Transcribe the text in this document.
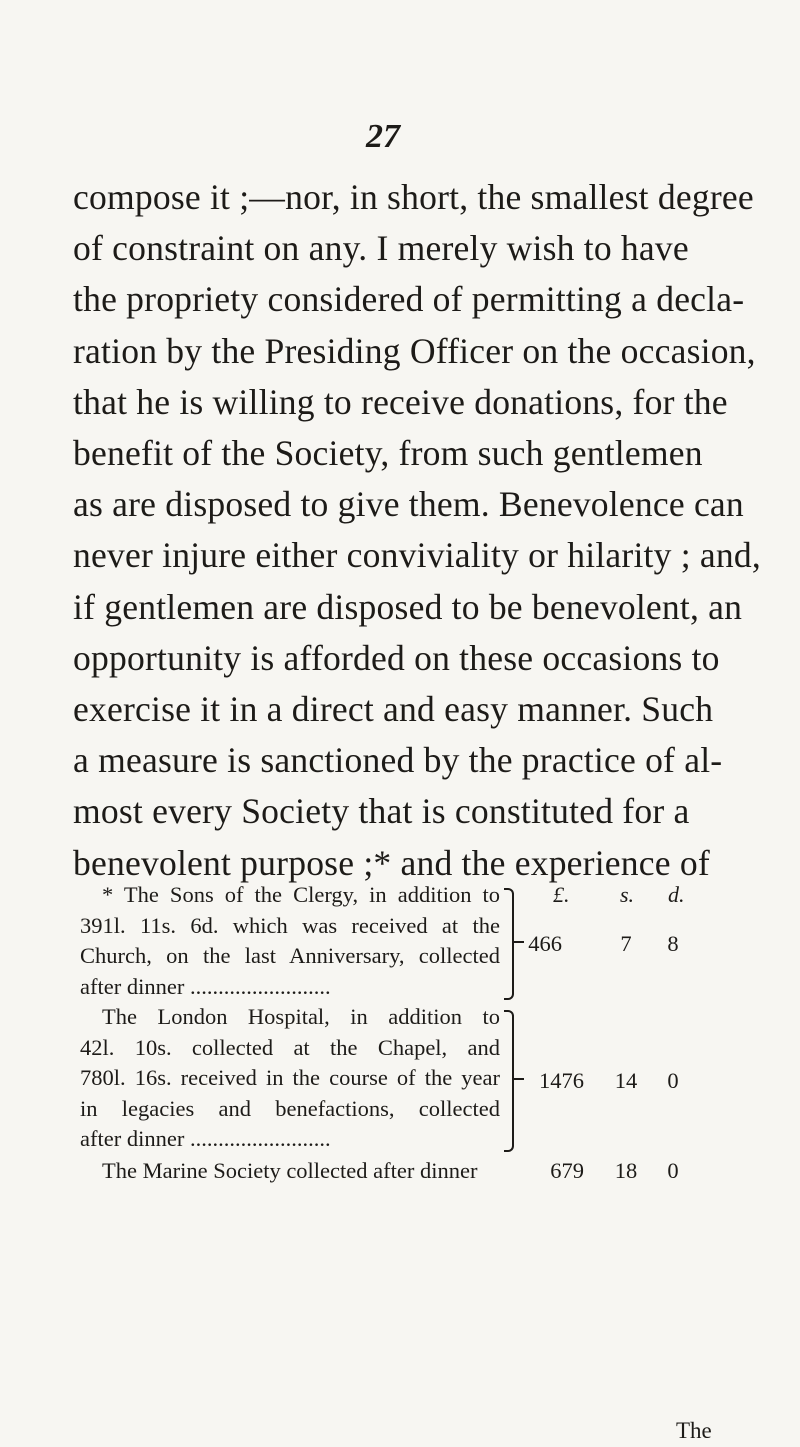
27
compose it ;—nor, in short, the smallest degree
of constraint on any. I merely wish to have
the propriety considered of permitting a decla-
ration by the Presiding Officer on the occasion,
that he is willing to receive donations, for the
benefit of the Society, from such gentlemen
as are disposed to give them. Benevolence can
never injure either conviviality or hilarity ; and,
if gentlemen are disposed to be benevolent, an
opportunity is afforded on these occasions to
exercise it in a direct and easy manner. Such
a measure is sanctioned by the practice of al-
most every Society that is constituted for a
benevolent purpose ;* and the experience of
£. s. d.
* The Sons of the Clergy, in addition to
391l. 11s. 6d. which was received at the
Church, on the last Anniversary, collected
after dinner .........................
466	7	8
The London Hospital, in addition to
42l. 10s. collected at the Chapel, and
780l. 16s. received in the course of the year
in legacies and benefactions, collected
after dinner .........................
1476 14 0
The Marine Society collected after dinner	679 18 0
The
